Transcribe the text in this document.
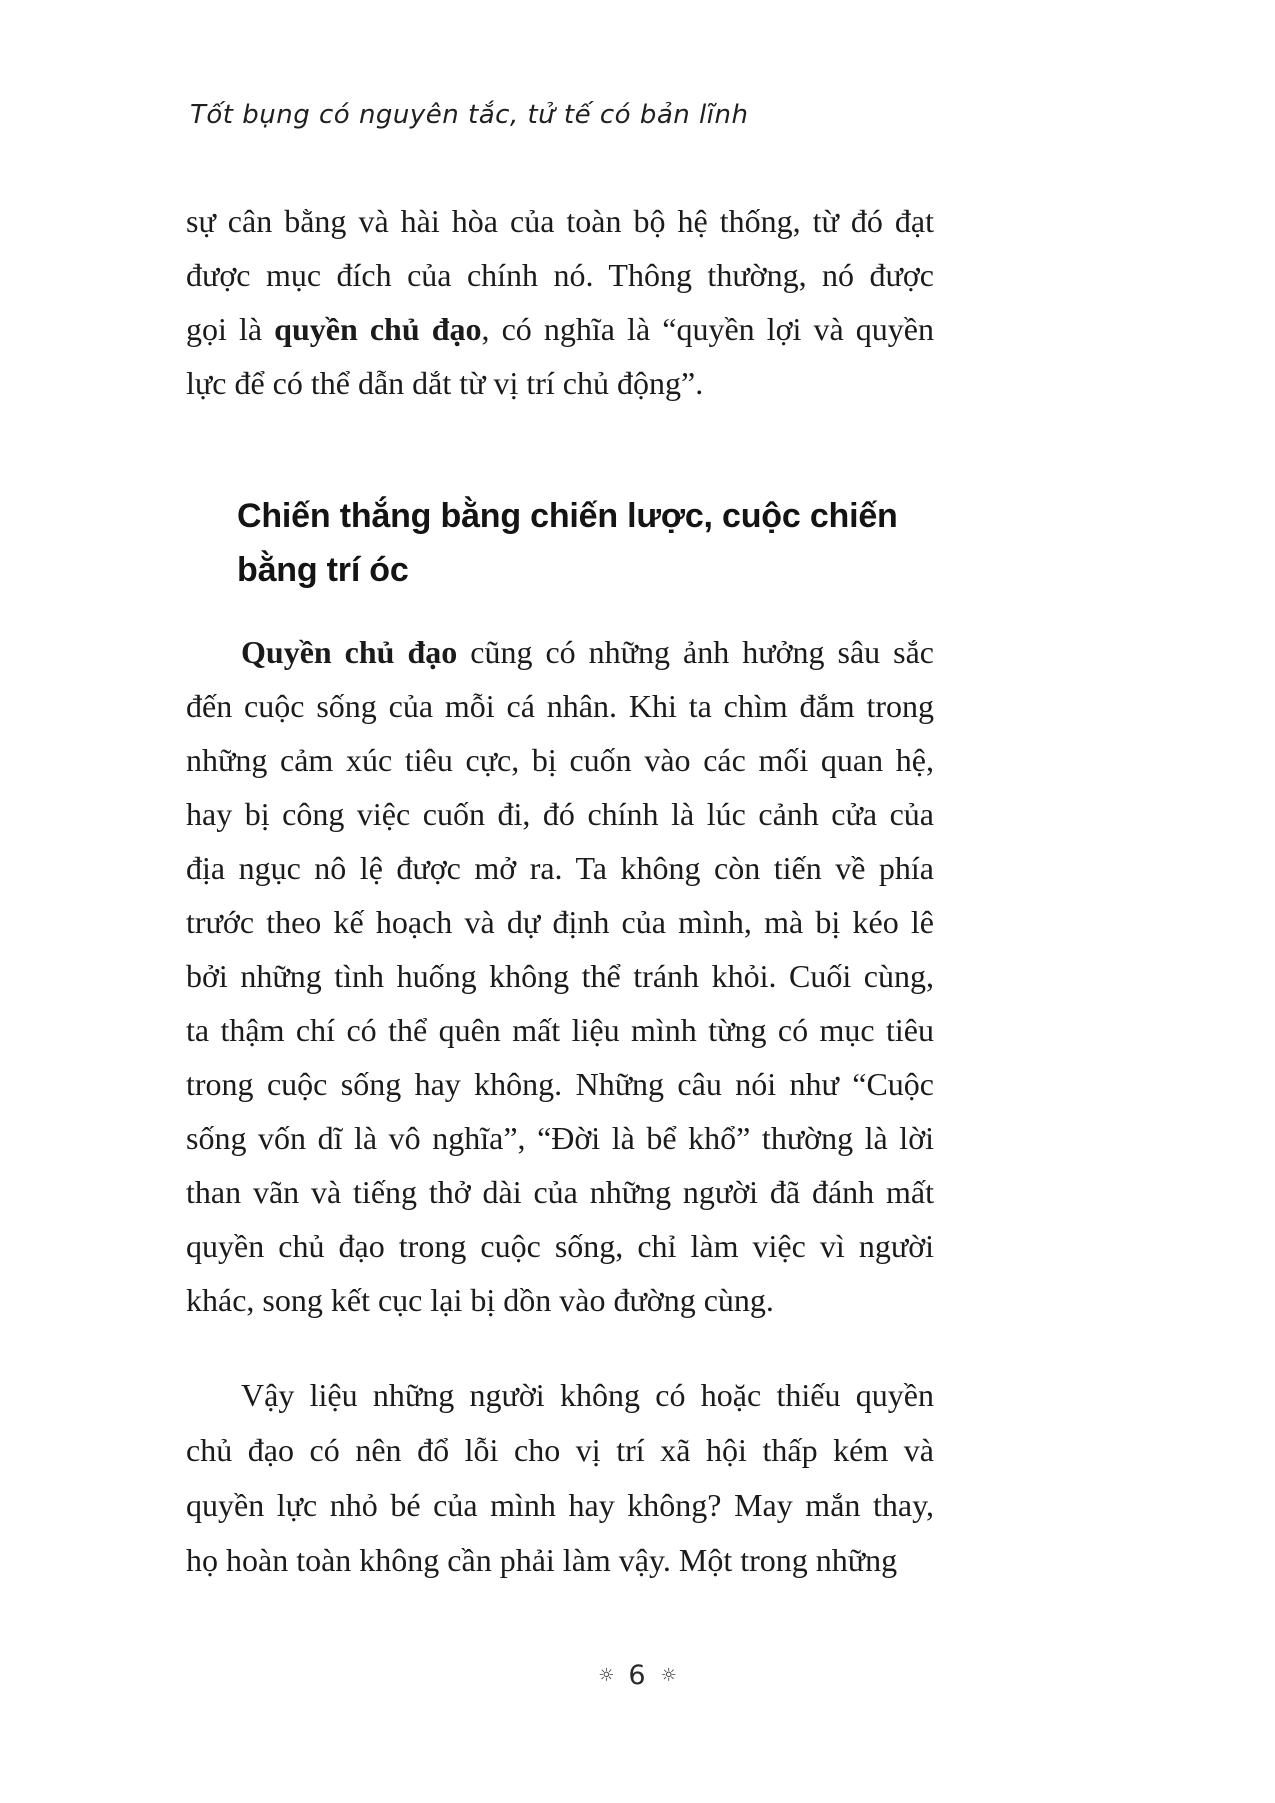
Tốt bụng có nguyên tắc, tử tế có bản lĩnh
sự cân bằng và hài hòa của toàn bộ hệ thống, từ đó đạt
được mục đích của chính nó. Thông thường, nó được
gọi là quyền chủ đạo, có nghĩa là “quyền lợi và quyền
lực để có thể dẫn dắt từ vị trí chủ động”.
Chiến thắng bằng chiến lược, cuộc chiến
bằng trí óc
Quyền chủ đạo cũng có những ảnh hưởng sâu sắc
đến cuộc sống của mỗi cá nhân. Khi ta chìm đắm trong
những cảm xúc tiêu cực, bị cuốn vào các mối quan hệ,
hay bị công việc cuốn đi, đó chính là lúc cảnh cửa của
địa ngục nô lệ được mở ra. Ta không còn tiến về phía
trước theo kế hoạch và dự định của mình, mà bị kéo lê
bởi những tình huống không thể tránh khỏi. Cuối cùng,
ta thậm chí có thể quên mất liệu mình từng có mục tiêu
trong cuộc sống hay không. Những câu nói như “Cuộc
sống vốn dĩ là vô nghĩa”, “Đời là bể khổ” thường là lời
than vãn và tiếng thở dài của những người đã đánh mất
quyền chủ đạo trong cuộc sống, chỉ làm việc vì người
khác, song kết cục lại bị dồn vào đường cùng.
Vậy liệu những người không có hoặc thiếu quyền
chủ đạo có nên đổ lỗi cho vị trí xã hội thấp kém và
quyền lực nhỏ bé của mình hay không? May mắn thay,
họ hoàn toàn không cần phải làm vậy. Một trong những
☼ 6 ☼
